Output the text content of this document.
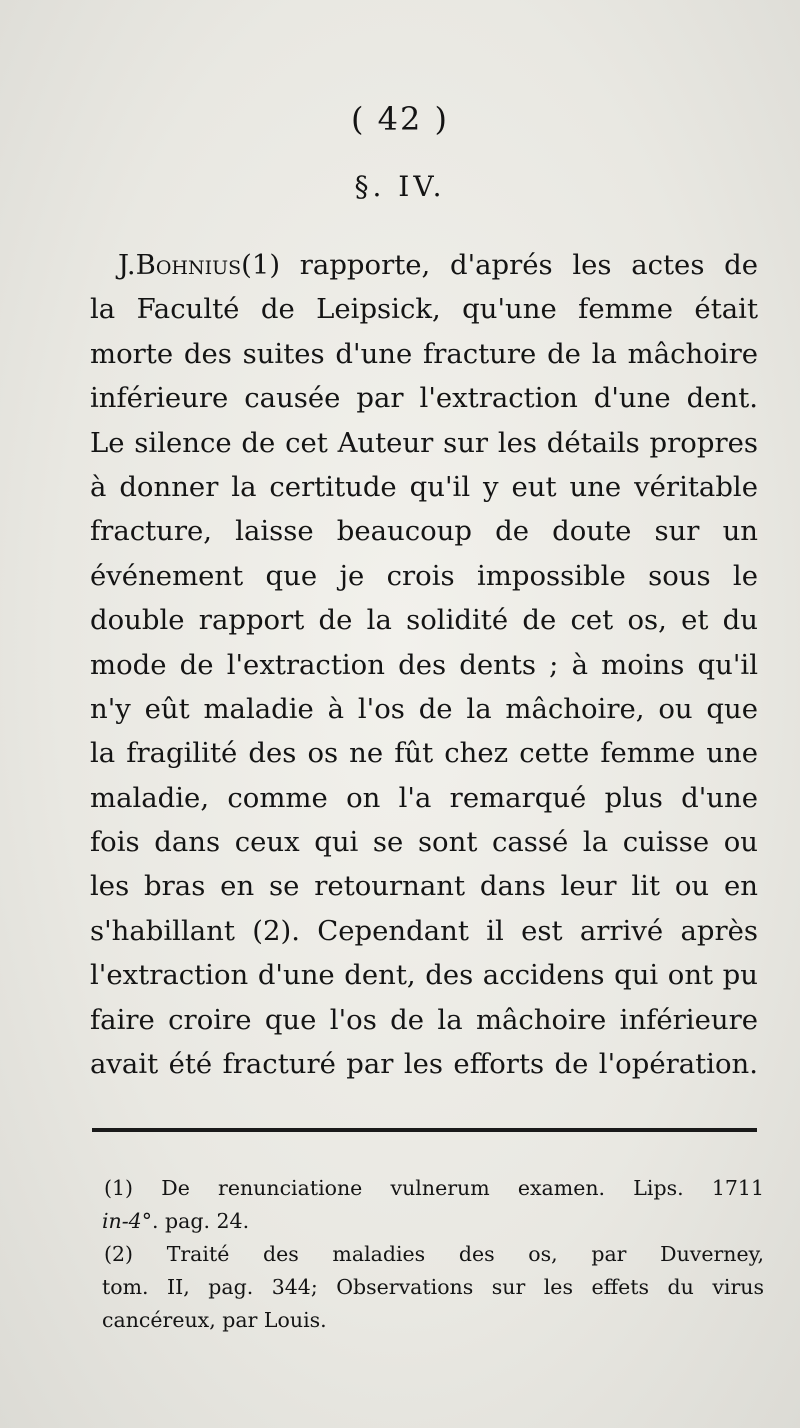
( 42 )
§. IV.
J.Bohnius(1) rapporte, d'aprés les actes de
la Faculté de Leipsick, qu'une femme était
morte des suites d'une fracture de la mâchoire
inférieure causée par l'extraction d'une dent.
Le silence de cet Auteur sur les détails propres
à donner la certitude qu'il y eut une véritable
fracture, laisse beaucoup de doute sur un
événement que je crois impossible sous le
double rapport de la solidité de cet os, et du
mode de l'extraction des dents ; à moins qu'il
n'y eût maladie à l'os de la mâchoire, ou que
la fragilité des os ne fût chez cette femme une
maladie, comme on l'a remarqué plus d'une
fois dans ceux qui se sont cassé la cuisse ou
les bras en se retournant dans leur lit ou en
s'habillant (2). Cependant il est arrivé après
l'extraction d'une dent, des accidens qui ont pu
faire croire que l'os de la mâchoire inférieure
avait été fracturé par les efforts de l'opération.
(1) De renunciatione vulnerum examen. Lips. 1711
in-4°. pag. 24.
(2) Traité des maladies des os, par Duverney,
tom. II, pag. 344; Observations sur les effets du virus
cancéreux, par Louis.
